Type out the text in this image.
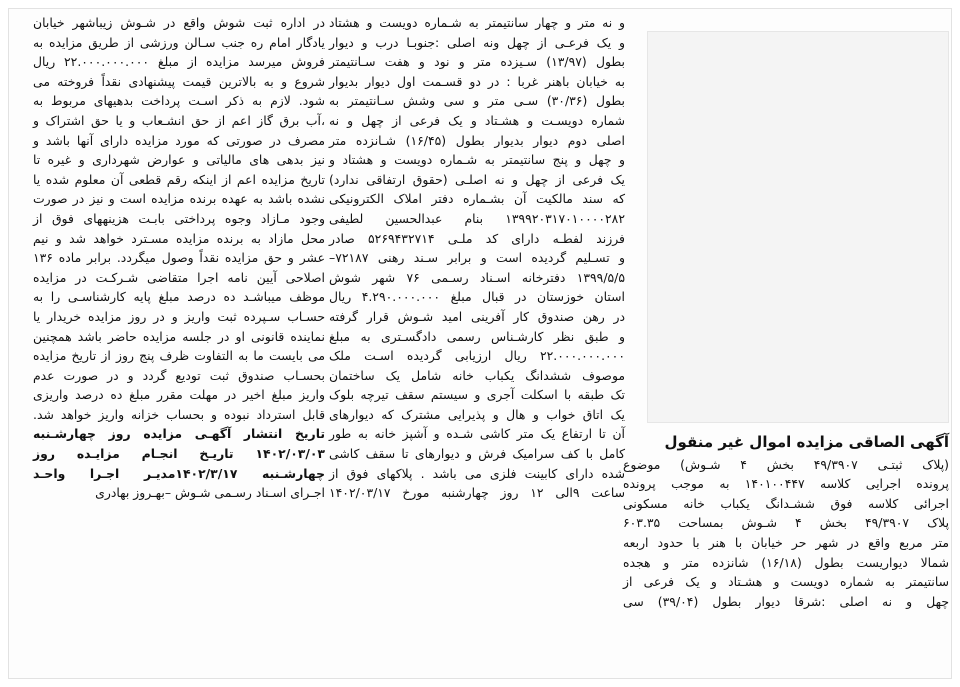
آگهی الصاقی مزایده اموال غیر منقول

(پلاک ثبتـی ۴۹/۳۹۰۷ بخش ۴ شـوش) موضوع

پرونده اجرایی کلاسه ۱۴۰۱۰۰۴۴۷ به موجب پرونده

اجرائی کلاسه فوق ششـدانگ یکباب خانه مسکونی

پلاک ۴۹/۳۹۰۷ بخش ۴ شـوش بمساحت ۶۰۳.۳۵

متر مربع واقع در شهر حر خیابان با هنر با حدود اربعه

شمالا دیواریست بطول (۱۶/۱۸) شانزده متر و هجده

سانتیمتر به شماره دویست و هشـتاد و یک فرعی از

چهل و نه اصلی :شرقا دیوار بطول (۳۹/۰۴) سی

و نه متر و چهار سانتیمتر به شـماره دویست و هشتاد

و یک فرعـی از چهل ونه اصلی :جنوبـا درب و دیوار

بطول (۱۳/۹۷) سـیزده متر و نود و هفت سـانتیمتر

به خیابان باهنر غربا : در دو قسـمت اول دیوار بدیوار

بطول (۳۰/۳۶) سـی متر و سی وشش سـانتیمتر به

شماره دویسـت و هشـتاد و یک فرعی از چهل و نه

اصلی دوم دیوار بدیوار بطول (۱۶/۴۵) شـانزده متر

و چهل و پنج سانتیمتر به شـماره دویست و هشتاد و

یک فرعی از چهل و نه اصلـی (حقوق ارتفاقی ندارد)

که سند مالکیت آن بشـماره دفتر املاک الکترونیکی

۱۳۹۹۲۰۳۱۷۰۱۰۰۰۰۲۸۲ بنام عبدالحسین لطیفی

فرزند لفطـه دارای کد ملـی ۵۲۶۹۴۳۲۷۱۴ صادر

و تسـلیم گردیده است و برابر سـند رهنی ۷۲۱۸۷–

۱۳۹۹/۵/۵ دفترخانه اسـناد رسـمی ۷۶ شهر شوش

استان خوزستان در قبال مبلغ ۴.۲۹۰.۰۰۰.۰۰۰ ریال

در رهن صندوق کار آفرینی امید شـوش قرار گرفته

و طبق نظر کارشـناس رسمی دادگسـتری به مبلغ

۲۲.۰۰۰.۰۰۰.۰۰۰ ریال ارزیابی گردیده اسـت ملک

موصوف ششدانگ یکباب خانه شامل یک ساختمان

تک طبقه با اسکلت آجری و سیستم سقف تیرچه بلوک

یک اتاق خواب و هال و پذیرایی مشترک که دیوارهای

آن تا ارتفاع یک متر کاشی شـده و آشپز خانه به طور

کامل با کف سرامیک فرش و دیوارهای تا سقف کاشی

شده دارای کابینت فلزی می باشد . پلاکهای فوق از

ساعت ۹الی ۱۲ روز چهارشنبه مورخ ۱۴۰۲/۰۳/۱۷

در اداره ثبت شوش واقع در شـوش زیباشهر خیابان

یادگار امام ره جنب سـالن ورزشی از طریق مزایده به

فروش میرسد مزایده از مبلغ ۲۲.۰۰۰.۰۰۰.۰۰۰ ریال

شروع و به بالاترین قیمت پیشنهادی نقداً فروخته می

شود. لازم به ذکر اسـت پرداخت بدهیهای مربوط به

،آب برق گاز اعم از حق انشـعاب و یا حق اشتراک و

مصرف در صورتی که مورد مزایده دارای آنها باشد و

نیز بدهی های مالیاتی و عوارض شهرداری و غیره تا

تاریخ مزایده اعم از اینکه رقم قطعی آن معلوم شده یا

نشده باشد به عهده برنده مزایده است و نیز در صورت

وجود مـازاد وجوه پرداختی بابـت هزینههای فوق از

محل مازاد به برنده مزایده مسـترد خواهد شد و نیم

عشر و حق مزایده نقداً وصول میگردد. برابر ماده ۱۳۶

اصلاحی آیین نامه اجرا متقاضی شـرکـت در مزایده

موظف میباشـد ده درصد مبلغ پایه کارشناسـی را به

حسـاب سـپرده ثبت واریز و در روز مزایده خریدار یا

نماینده قانونی او در جلسه مزایده حاضر باشد همچنین

می بایست ما به التفاوت ظرف پنج روز از تاریخ مزایده

بحسـاب صندوق ثبت تودیع گردد و در صورت عدم

واریز مبلغ اخیر در مهلت مقرر مبلغ ده درصد واریزی

قابل استرداد نبوده و بحساب خزانه واریز خواهد شد.

تاریخ انتشار آگهـی مزایده روز چهارشـنبه

۱۴۰۲/۰۳/۰۳ تاریـخ انجـام مزایـده روز

چهارشـنبه ۱۴۰۲/۳/۱۷مدیـر اجـرا واحـد

اجـرای اسـناد رسـمی شـوش –بهـروز بهادری
